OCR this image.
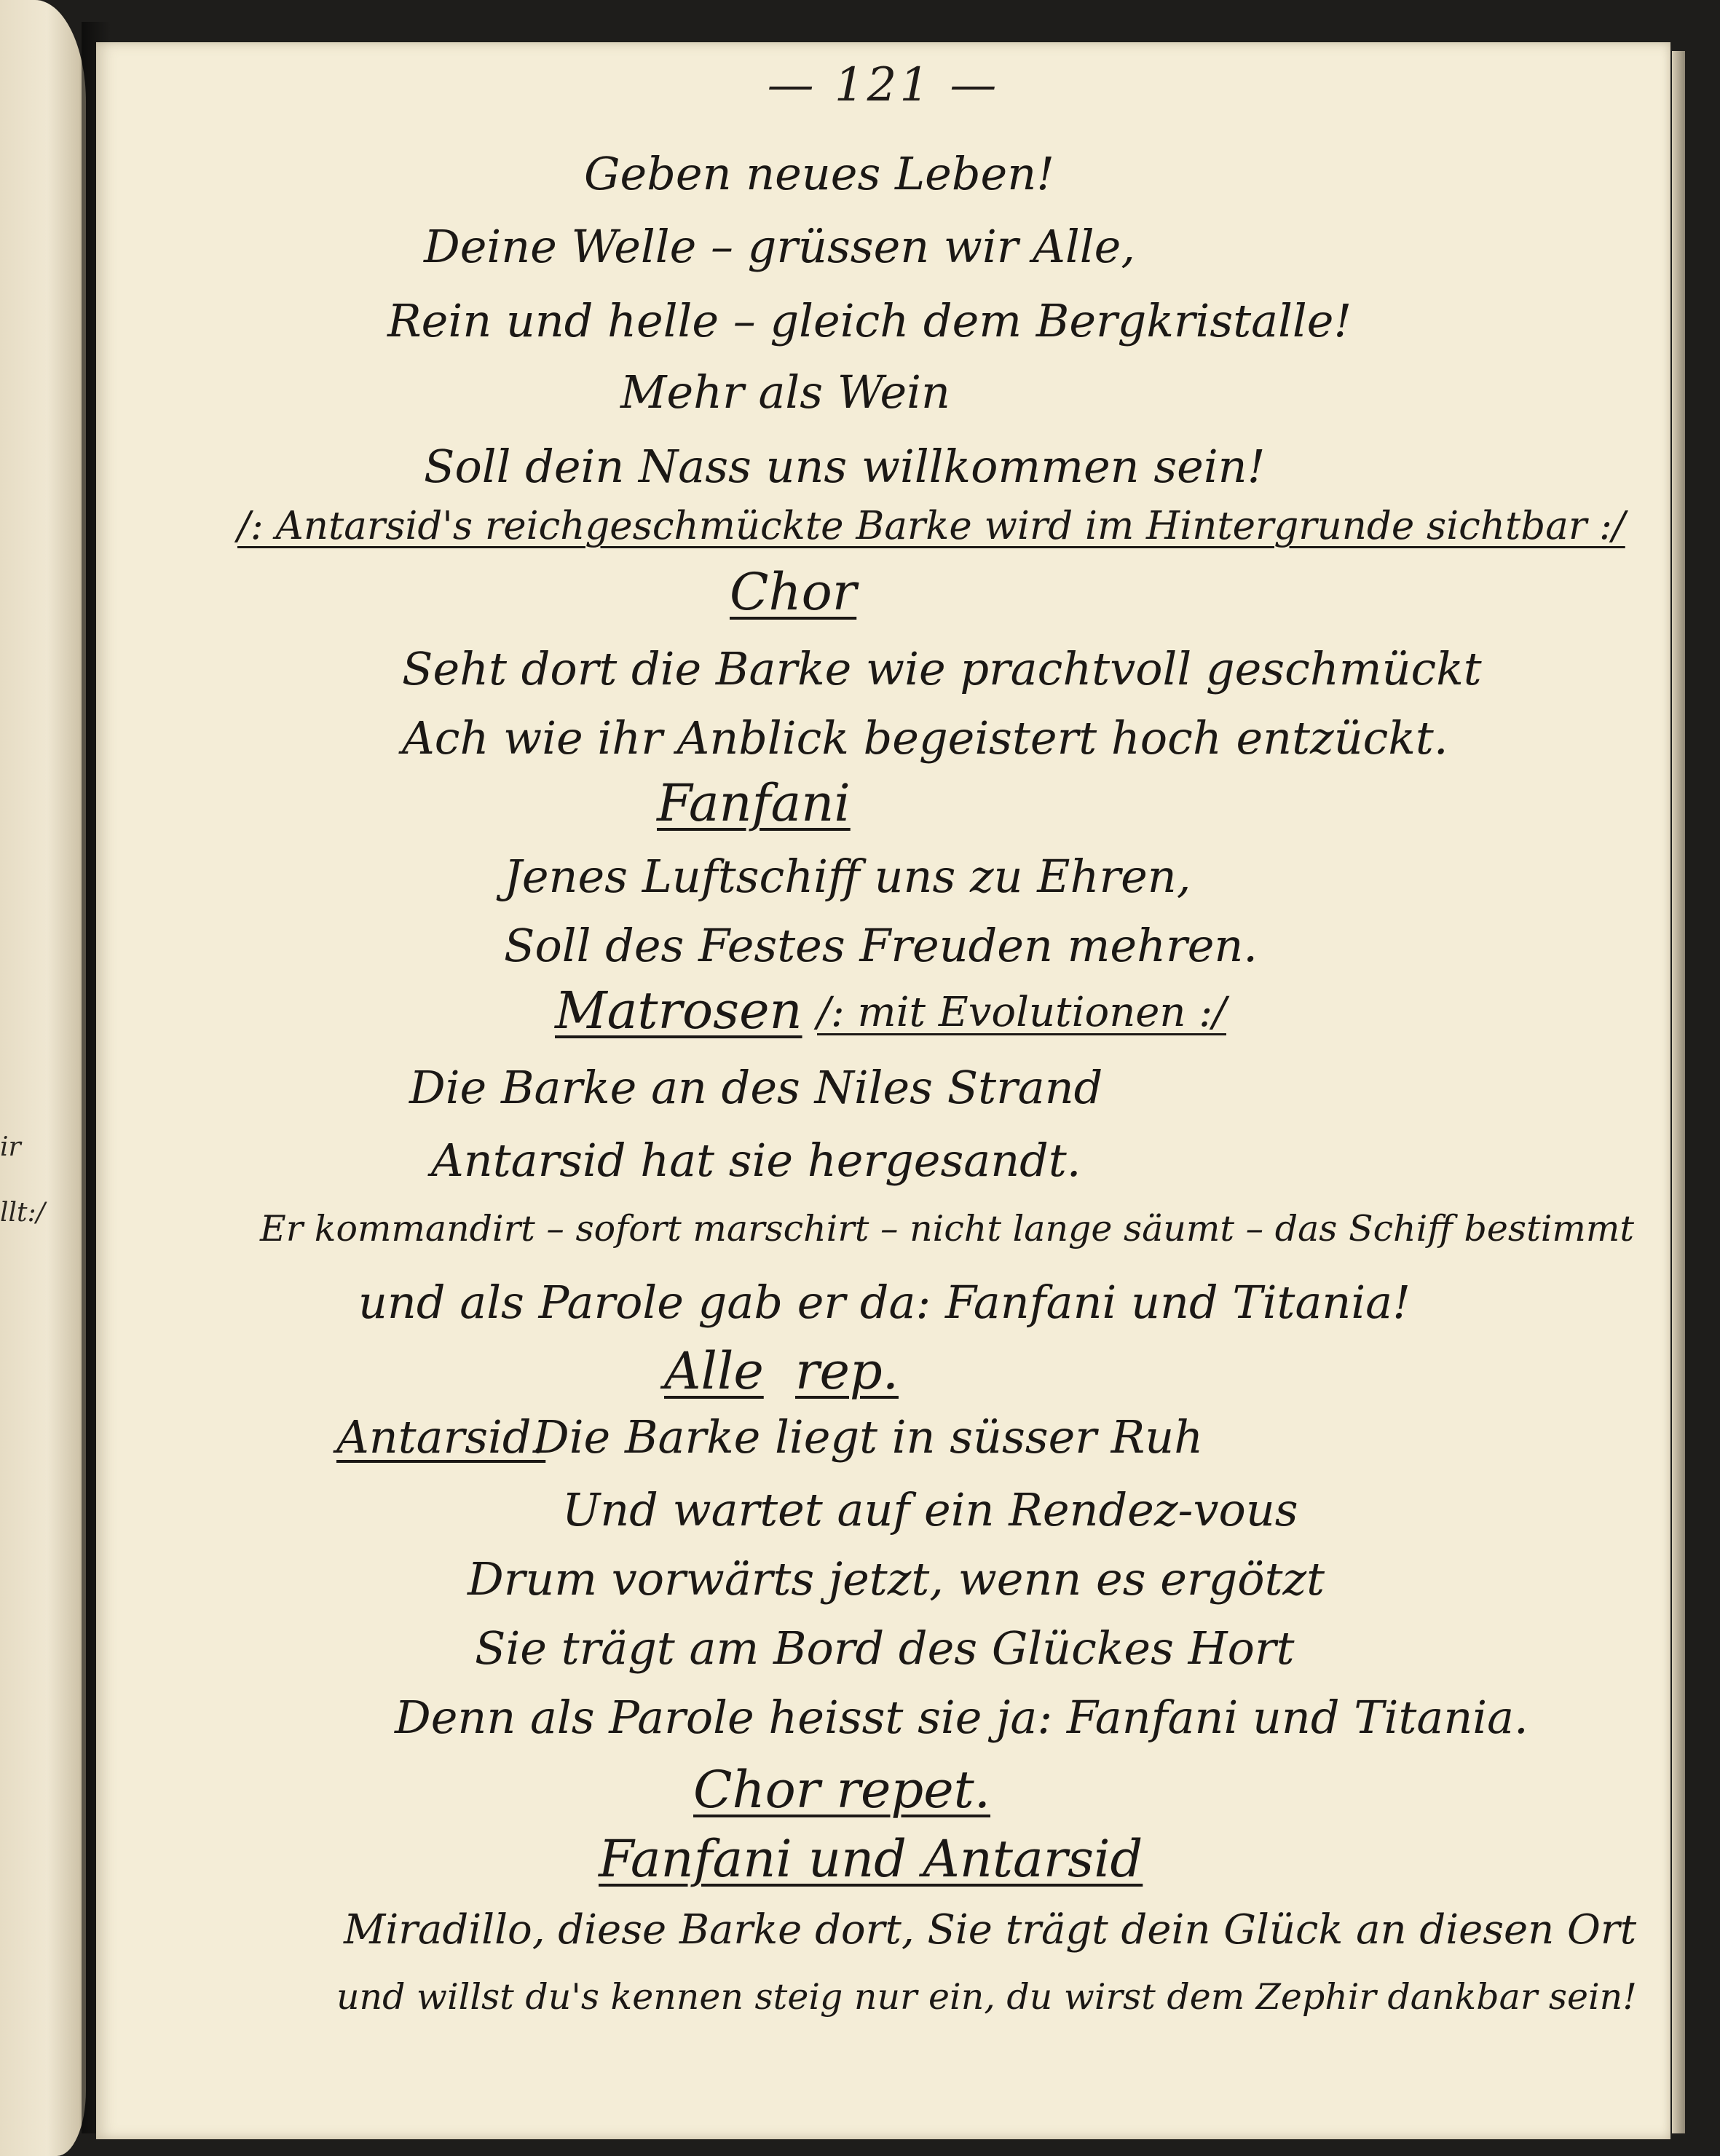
ir
llt:/
— 121 —
Geben neues Leben!
Deine Welle – grüssen wir Alle,
Rein und helle – gleich dem Bergkristalle!
Mehr als Wein
Soll dein Nass uns willkommen sein!
/: Antarsid's reichgeschmückte Barke wird im Hintergrunde sichtbar :/
Chor
Seht dort die Barke wie prachtvoll geschmückt
Ach wie ihr Anblick begeistert hoch entzückt.
Fanfani
Jenes Luftschiff uns zu Ehren,
Soll des Festes Freuden mehren.
Matrosen /: mit Evolutionen :/
Die Barke an des Niles Strand
Antarsid hat sie hergesandt.
Er kommandirt – sofort marschirt – nicht lange säumt – das Schiff bestimmt
und als Parole gab er da: Fanfani und Titania!
Alle rep.
Antarsid.
Die Barke liegt in süsser Ruh
Und wartet auf ein Rendez-vous
Drum vorwärts jetzt, wenn es ergötzt
Sie trägt am Bord des Glückes Hort
Denn als Parole heisst sie ja: Fanfani und Titania.
Chor repet.
Fanfani und Antarsid
Miradillo, diese Barke dort, Sie trägt dein Glück an diesen Ort
und willst du's kennen steig nur ein, du wirst dem Zephir dankbar sein!
